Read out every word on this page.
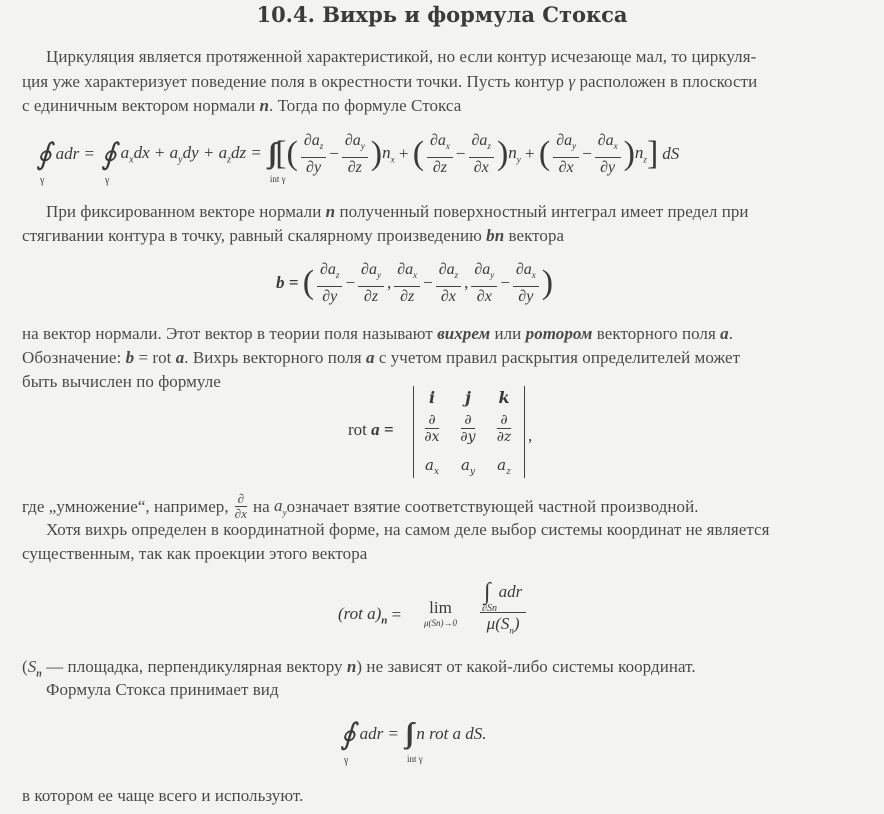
10.4. Вихрь и формула Стокса
Циркуляция является протяженной характеристикой, но если контур исчезающе мал, то циркуля-
ция уже характеризует поведение поля в окрестности точки. Пусть контур γ расположен в плоскости
с единичным вектором нормали n. Тогда по формуле Стокса
∮
γ
adr = ∮
γ
$a_xdx + a_ydy + a_zdz$ = ∫∫
int γ
[ ( $\frac{\partial a_z}{\partial y} - \frac{\partial a_y}{\partial z}$ ) $n_x$ + ( $\frac{\partial a_x}{\partial z} - \frac{\partial a_z}{\partial x}$ ) $n_y$ + ( $\frac{\partial a_y}{\partial x} - \frac{\partial a_x}{\partial y}$ ) $n_z$ ] dS
При фиксированном векторе нормали n полученный поверхностный интеграл имеет предел при
стягивании контура в точку, равный скалярному произведению bn вектора
b =
( $\frac{\partial a_z}{\partial y} - \frac{\partial a_y}{\partial z}$ , $\frac{\partial a_x}{\partial z} - \frac{\partial a_z}{\partial x}$ , $\frac{\partial a_y}{\partial x} - \frac{\partial a_x}{\partial y}$ )
на вектор нормали. Этот вектор в теории поля называют вихрем или ротором векторного поля a.
Обозначение: b = rot a. Вихрь векторного поля a с учетом правил раскрытия определителей может
быть вычислен по формуле
rot
a =
i	j	k
$\frac{\partial}{\partial x} \frac{\partial}{\partial y} \frac{\partial}{\partial z}$
$a_x$	$a_y$	$a_z$
,
где „умножение“, например, $\frac{\partial}{\partial x}$ на
$a_y$ означает взятие соответствующей частной производной.
Хотя вихрь определен в координатной форме, на самом деле выбор системы координат не является
существенным, так как проекции этого вектора
(rot $a)_n = \lim$
μ(Sn)→0
∫
∂Sn
adr
$\mu(S_n)$
($S_n$ — площадка, перпендикулярная вектору n) не зависят от какой-либо системы координат.
Формула Стокса принимает вид
∮
γ
adr = ∫∫
int γ
n rot a dS.
в котором ее чаще всего и используют.
